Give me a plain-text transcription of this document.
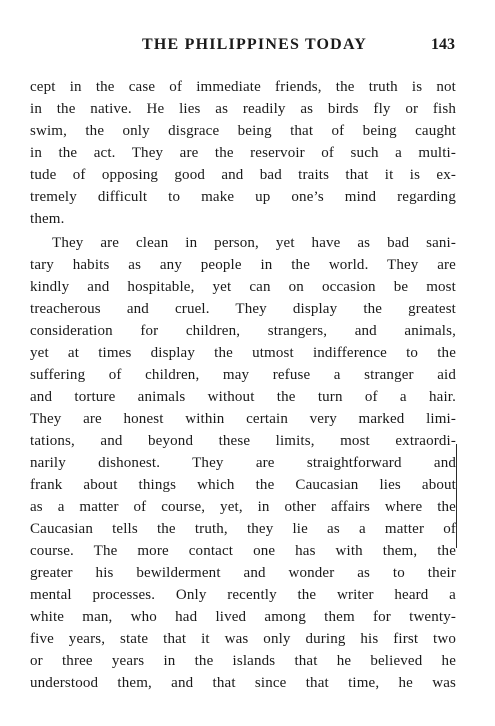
THE PHILIPPINES TODAY	143
cept in the case of immediate friends, the truth is not
in the native. He lies as readily as birds fly or fish
swim, the only disgrace being that of being caught
in the act. They are the reservoir of such a multi-
tude of opposing good and bad traits that it is ex-
tremely difficult to make up one’s mind regarding
them.
They are clean in person, yet have as bad sani-
tary habits as any people in the world. They are
kindly and hospitable, yet can on occasion be most
treacherous and cruel. They display the greatest
consideration for children, strangers, and animals,
yet at times display the utmost indifference to the
suffering of children, may refuse a stranger aid
and torture animals without the turn of a hair.
They are honest within certain very marked limi-
tations, and beyond these limits, most extraordi-
narily dishonest. They are straightforward and
frank about things which the Caucasian lies about
as a matter of course, yet, in other affairs where the
Caucasian tells the truth, they lie as a matter of
course. The more contact one has with them, the
greater his bewilderment and wonder as to their
mental processes. Only recently the writer heard a
white man, who had lived among them for twenty-
five years, state that it was only during his first two
or three years in the islands that he believed he
understood them, and that since that time, he was
